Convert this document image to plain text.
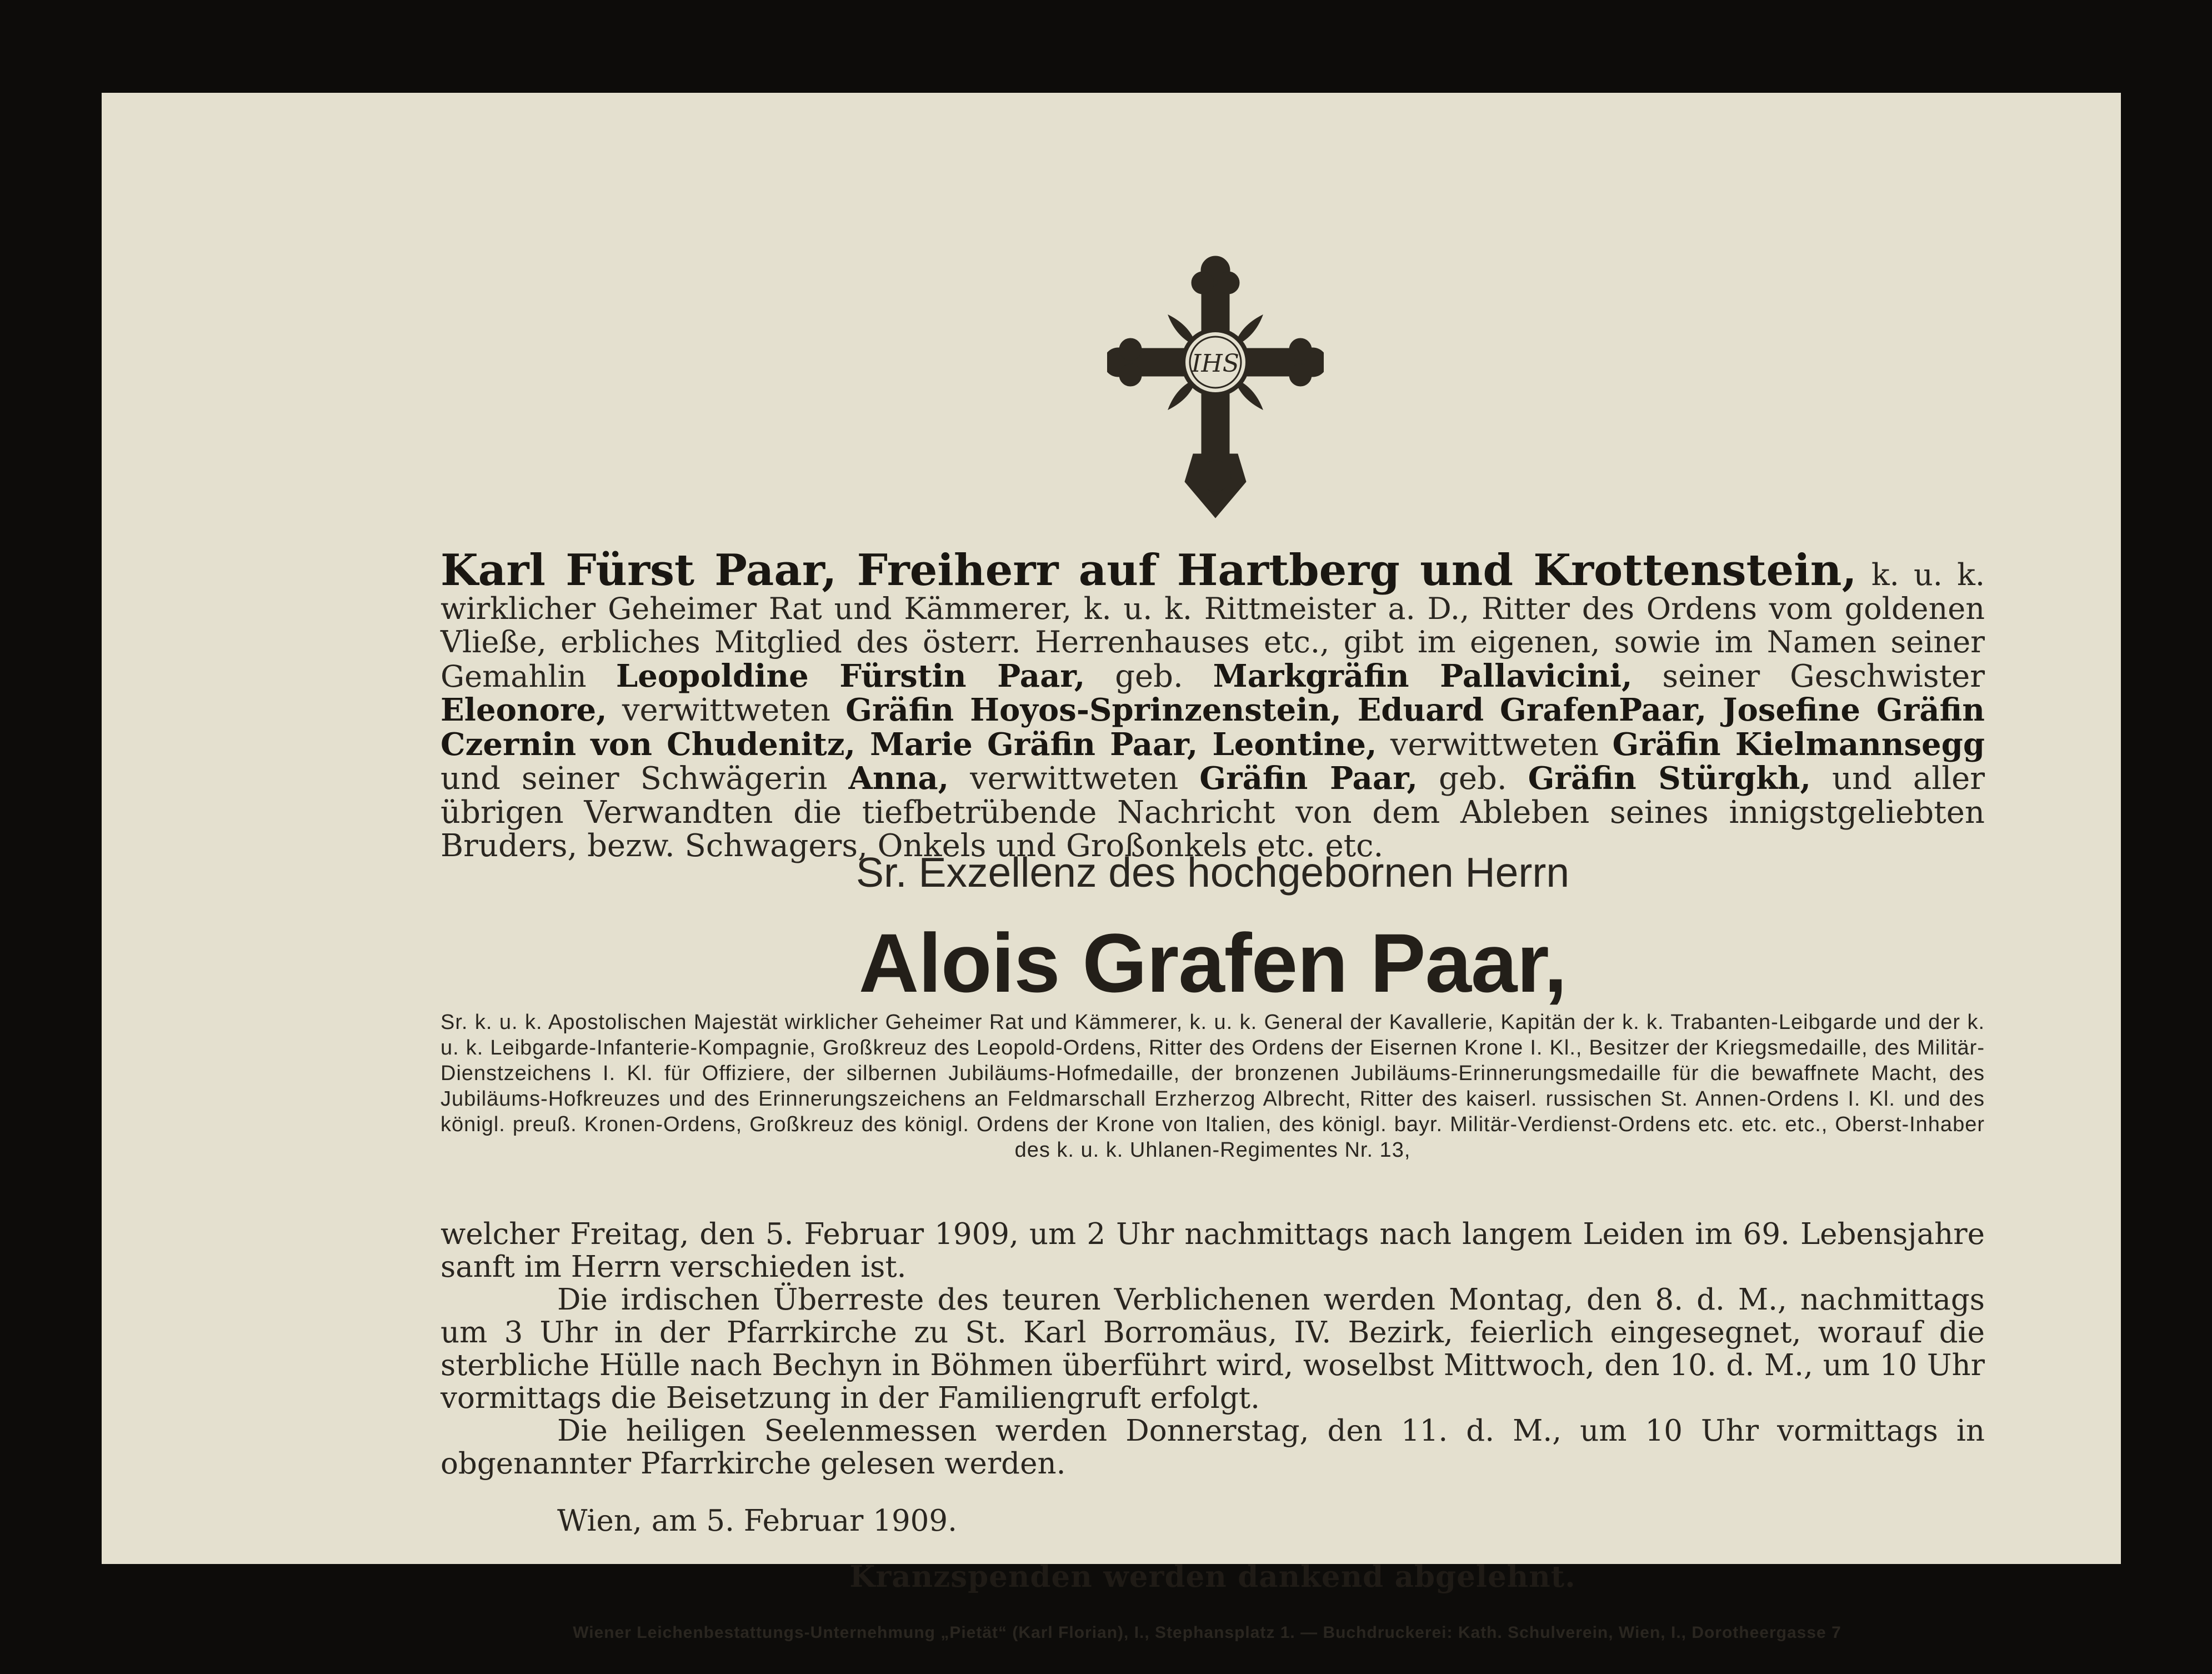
IHS

Karl Fürst Paar, Freiherr auf Hartberg und Krottenstein, k. u. k. wirklicher Geheimer Rat und Kämmerer, k. u. k. Rittmeister a. D., Ritter des Ordens vom goldenen Vließe, erbliches Mitglied des österr. Herrenhauses etc., gibt im eigenen, sowie im Namen seiner Gemahlin Leopoldine Fürstin Paar, geb. Markgräfin Pallavicini, seiner Geschwister Eleonore, verwittweten Gräfin Hoyos-Sprinzenstein, Eduard GrafenPaar, Josefine Gräfin Czernin von Chudenitz, Marie Gräfin Paar, Leontine, verwittweten Gräfin Kielmannsegg und seiner Schwägerin Anna, verwittweten Gräfin Paar, geb. Gräfin Stürgkh, und aller übrigen Verwandten die tiefbetrübende Nachricht von dem Ableben seines innigstgeliebten Bruders, bezw. Schwagers, Onkels und Großonkels etc. etc.

Sr. Exzellenz des hochgebornen Herrn
Alois Grafen Paar,
Sr. k. u. k. Apostolischen Majestät wirklicher Geheimer Rat und Kämmerer, k. u. k. General der Kavallerie, Kapitän der k. k. Trabanten-Leibgarde und der k. u. k. Leibgarde-Infanterie-Kompagnie, Großkreuz des Leopold-Ordens, Ritter des Ordens der Eisernen Krone I. Kl., Besitzer der Kriegsmedaille, des Militär-Dienstzeichens I. Kl. für Offiziere, der silbernen Jubiläums-Hofmedaille, der bronzenen Jubiläums-Erinnerungsmedaille für die bewaffnete Macht, des Jubiläums-Hofkreuzes und des Erinnerungszeichens an Feldmarschall Erzherzog Albrecht, Ritter des kaiserl. russischen St. Annen-Ordens I. Kl. und des königl. preuß. Kronen-Ordens, Großkreuz des königl. Ordens der Krone von Italien, des königl. bayr. Militär-Verdienst-Ordens etc. etc. etc., Oberst-Inhaber des k. u. k. Uhlanen-Regimentes Nr. 13,

welcher Freitag, den 5. Februar 1909, um 2 Uhr nachmittags nach langem Leiden im 69. Lebensjahre sanft im Herrn verschieden ist.

Die irdischen Überreste des teuren Verblichenen werden Montag, den 8. d. M., nachmittags um 3 Uhr in der Pfarrkirche zu St. Karl Borromäus, IV. Bezirk, feierlich eingesegnet, worauf die sterbliche Hülle nach Bechyn in Böhmen überführt wird, woselbst Mittwoch, den 10. d. M., um 10 Uhr vormittags die Beisetzung in der Familiengruft erfolgt.

Die heiligen Seelenmessen werden Donnerstag, den 11. d. M., um 10 Uhr vormittags in obgenannter Pfarrkirche gelesen werden.

Wien, am 5. Februar 1909.
Kranzspenden werden dankend abgelehnt.
Wiener Leichenbestattungs-Unternehmung „Pietät“ (Karl Florian), I., Stephansplatz 1. — Buchdruckerei: Kath. Schulverein, Wien, I., Dorotheergasse 7
